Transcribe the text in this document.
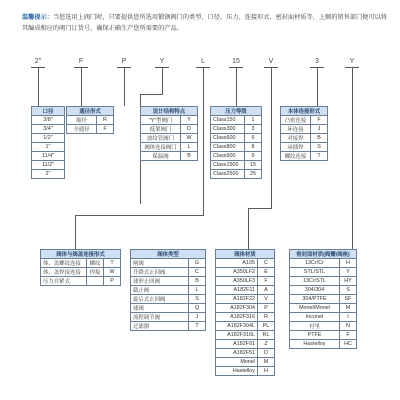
温馨提示：当您选用上阀门时，只要提供您所选用锻钢阀门的类型、口径、压力、连接形式、密封面材质等，上顺的销售部门便可以将其编成相应的阀门订货号，确保正确生产您所需要的产品。
2"	F	P	Y	L	15	V	3	Y
口径
3/8"
3/4"
1/2"
1"
11/4"
11/2"
2"
通径形式	
缩径	R
全通径	F
设计结构特点	
"Y"型阀门	Y
低架阀门	D
波纹管阀门	W
阀体连接阀门	L
保温阀	B
压力等级	
Class150	1
Class300	3
Class600	6
Class800	8
Class900	9
Class1500	15
Class2500	25
本体连接形式	
凸密连接	F
环连接	J
对接焊	B
承插焊	S
螺纹连接	T
阀体与阀盖连接形式		
体、盖螺纹连接	螺纹	T
体、盖焊接连接	焊接	W
压力自紧式		P
阀体类型	
闸阀	G
升降式止回阀	C
球形止回阀	B
截止阀	L
旋启式止回阀	S
球阀	Q
流程调节阀	J
过滤器	T
阀体材质	
A105	C
A350LF2	E
A350LF3	F
A182F11	A
A182F22	V
A182F304	P
A182F316	R
A182F304L	PL
A182F316L	RL
A182F91	Z
A182F51	D
Monel	M
Hastelloy	H
密封面材质(阀瓣/阀座)	
13Cr/Cr	H
STL/STL	Y
13Cr/STL	HY
304/304	S
304/PTFE	SF
Monel/Monel	M
Inconel	I
衬里	N
PTFE	F
Hastelloy	HC
